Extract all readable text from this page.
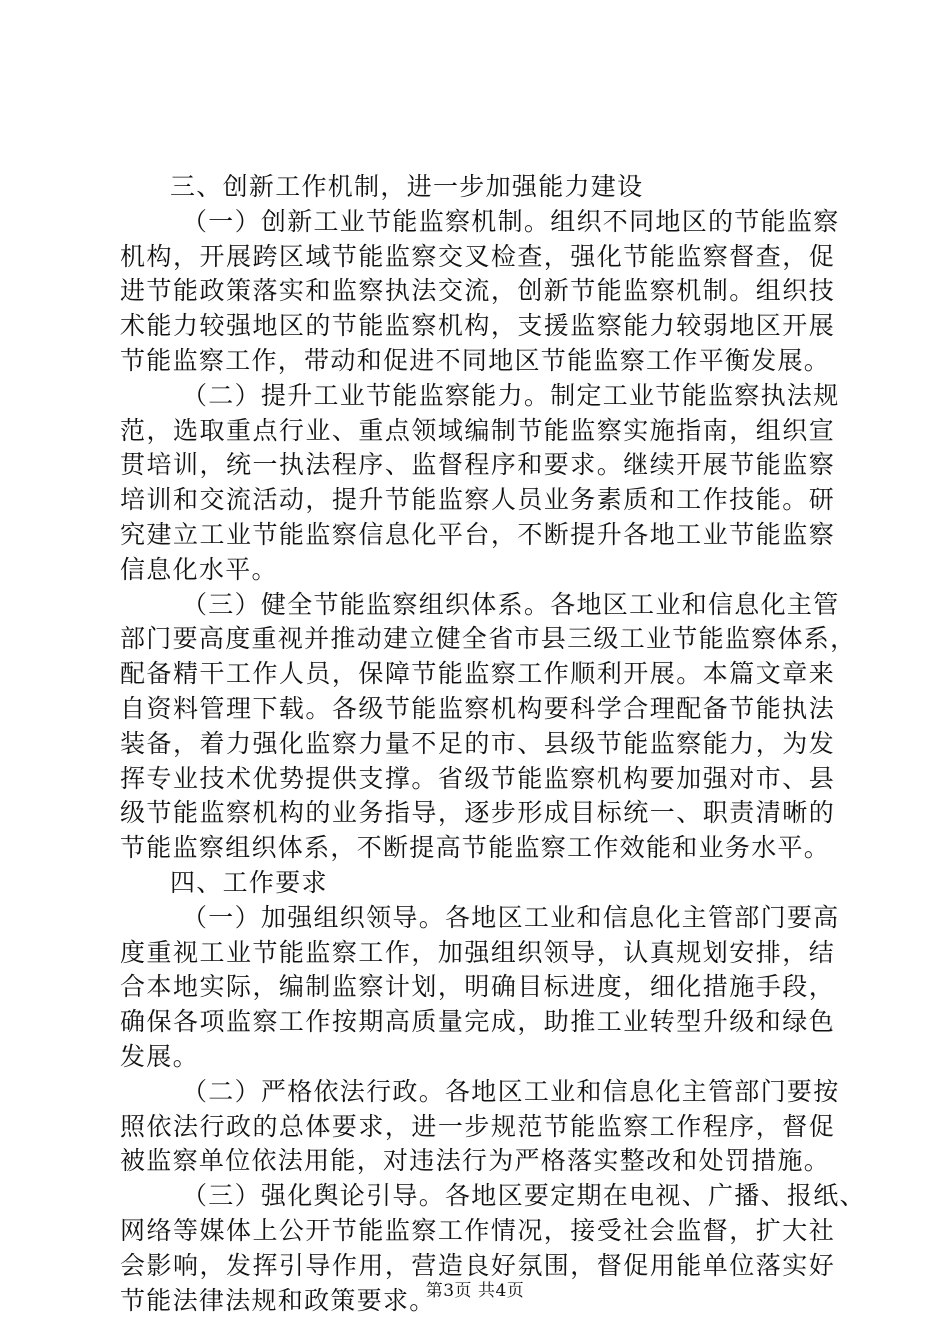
三、创新工作机制，进一步加强能力建设
（一）创新工业节能监察机制。组织不同地区的节能监察
机构，开展跨区域节能监察交叉检查，强化节能监察督查，促
进节能政策落实和监察执法交流，创新节能监察机制。组织技
术能力较强地区的节能监察机构，支援监察能力较弱地区开展
节能监察工作，带动和促进不同地区节能监察工作平衡发展。
（二）提升工业节能监察能力。制定工业节能监察执法规
范，选取重点行业、重点领域编制节能监察实施指南，组织宣
贯培训，统一执法程序、监督程序和要求。继续开展节能监察
培训和交流活动，提升节能监察人员业务素质和工作技能。研
究建立工业节能监察信息化平台，不断提升各地工业节能监察
信息化水平。
（三）健全节能监察组织体系。各地区工业和信息化主管
部门要高度重视并推动建立健全省市县三级工业节能监察体系，
配备精干工作人员，保障节能监察工作顺利开展。本篇文章来
自资料管理下载。各级节能监察机构要科学合理配备节能执法
装备，着力强化监察力量不足的市、县级节能监察能力，为发
挥专业技术优势提供支撑。省级节能监察机构要加强对市、县
级节能监察机构的业务指导，逐步形成目标统一、职责清晰的
节能监察组织体系，不断提高节能监察工作效能和业务水平。
四、工作要求
（一）加强组织领导。各地区工业和信息化主管部门要高
度重视工业节能监察工作，加强组织领导，认真规划安排，结
合本地实际，编制监察计划，明确目标进度，细化措施手段，
确保各项监察工作按期高质量完成，助推工业转型升级和绿色
发展。
（二）严格依法行政。各地区工业和信息化主管部门要按
照依法行政的总体要求，进一步规范节能监察工作程序，督促
被监察单位依法用能，对违法行为严格落实整改和处罚措施。
（三）强化舆论引导。各地区要定期在电视、广播、报纸、
网络等媒体上公开节能监察工作情况，接受社会监督，扩大社
会影响，发挥引导作用，营造良好氛围，督促用能单位落实好
节能法律法规和政策要求。
第3页 共4页
